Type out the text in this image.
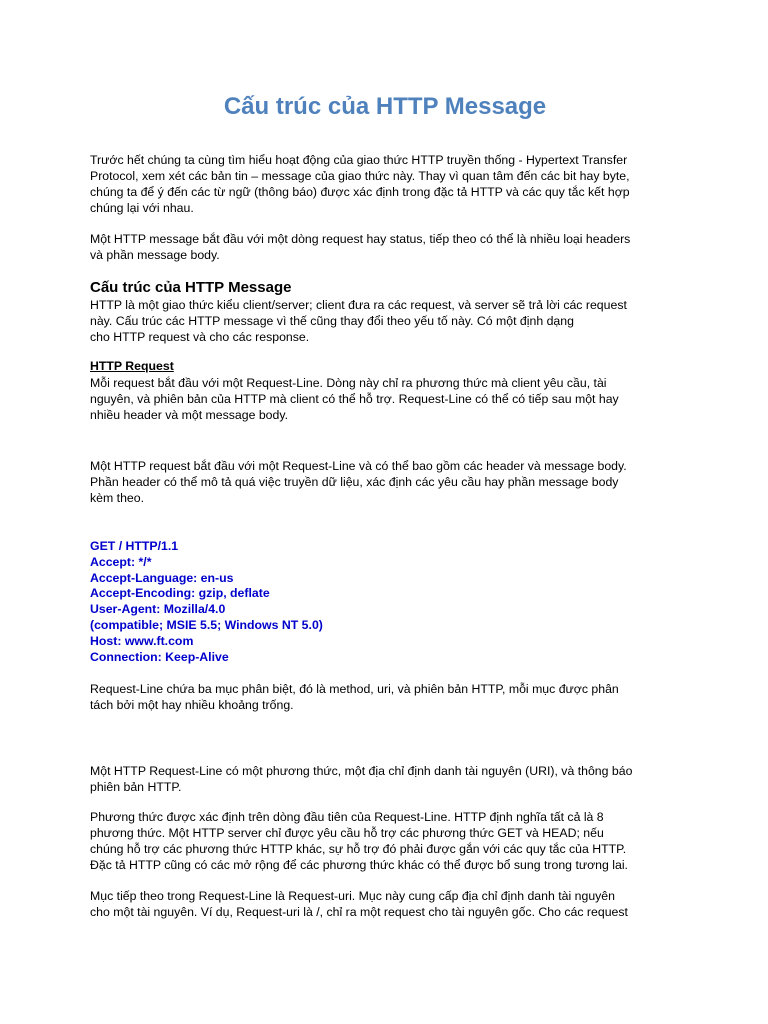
Cấu trúc của HTTP Message
Trước hết chúng ta cùng tìm hiểu hoạt động của giao thức HTTP truyền thống - Hypertext Transfer
Protocol, xem xét các bản tin – message của giao thức này. Thay vì quan tâm đến các bit hay byte,
chúng ta để ý đến các từ ngữ (thông báo) được xác định trong đặc tả HTTP và các quy tắc kết hợp
chúng lại với nhau.
Một HTTP message bắt đầu với một dòng request hay status, tiếp theo có thể là nhiều loại headers
và phần message body.
Cấu trúc của HTTP Message
HTTP là một giao thức kiểu client/server; client đưa ra các request, và server sẽ trả lời các request
này. Cấu trúc các HTTP message vì thế cũng thay đổi theo yếu tố này. Có một định dạng
cho HTTP request và cho các response.
HTTP Request
Mỗi request bắt đầu với một Request-Line. Dòng này chỉ ra phương thức mà client yêu cầu, tài
nguyên, và phiên bản của HTTP mà client có thể hỗ trợ. Request-Line có thể có tiếp sau một hay
nhiều header và một message body.
Một HTTP request bắt đầu với một Request-Line và có thể bao gồm các header và message body.
Phần header có thể mô tả quá việc truyền dữ liệu, xác định các yêu cầu hay phần message body
kèm theo.
GET / HTTP/1.1
Accept: */*
Accept-Language: en-us
Accept-Encoding: gzip, deflate
User-Agent: Mozilla/4.0
(compatible; MSIE 5.5; Windows NT 5.0)
Host: www.ft.com
Connection: Keep-Alive
Request-Line chứa ba mục phân biệt, đó là method, uri, và phiên bản HTTP, mỗi mục được phân
tách bởi một hay nhiều khoảng trống.
Một HTTP Request-Line có một phương thức, một địa chỉ định danh tài nguyên (URI), và thông báo
phiên bản HTTP.
Phương thức được xác định trên dòng đầu tiên của Request-Line. HTTP định nghĩa tất cả là 8
phương thức. Một HTTP server chỉ được yêu cầu hỗ trợ các phương thức GET và HEAD; nếu
chúng hỗ trợ các phương thức HTTP khác, sự hỗ trợ đó phải được gắn với các quy tắc của HTTP.
Đặc tả HTTP cũng có các mở rộng để các phương thức khác có thể được bổ sung trong tương lai.
Mục tiếp theo trong Request-Line là Request-uri. Mục này cung cấp địa chỉ định danh tài nguyên
cho một tài nguyên. Ví dụ, Request-uri là /, chỉ ra một request cho tài nguyên gốc. Cho các request
